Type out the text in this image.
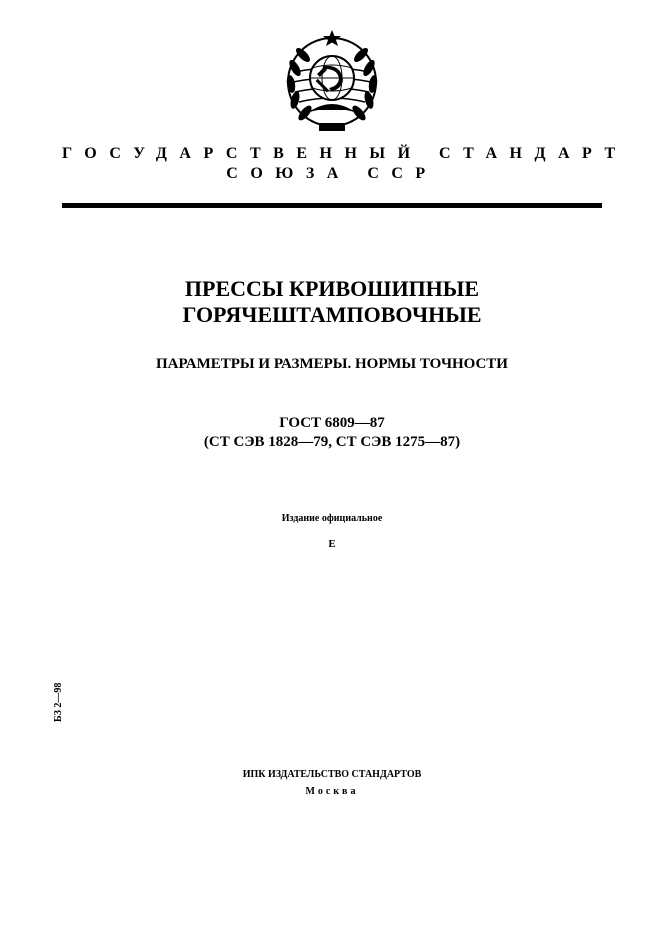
ГОСУДАРСТВЕННЫЙ СТАНДАРТ
СОЮЗА ССР
ПРЕССЫ КРИВОШИПНЫЕ
ГОРЯЧЕШТАМПОВОЧНЫЕ
ПАРАМЕТРЫ И РАЗМЕРЫ. НОРМЫ ТОЧНОСТИ
ГОСТ 6809—87
(СТ СЭВ 1828—79, СТ СЭВ 1275—87)
Издание официальное
Е
БЗ 2—98
ИПК ИЗДАТЕЛЬСТВО СТАНДАРТОВ
Москва
